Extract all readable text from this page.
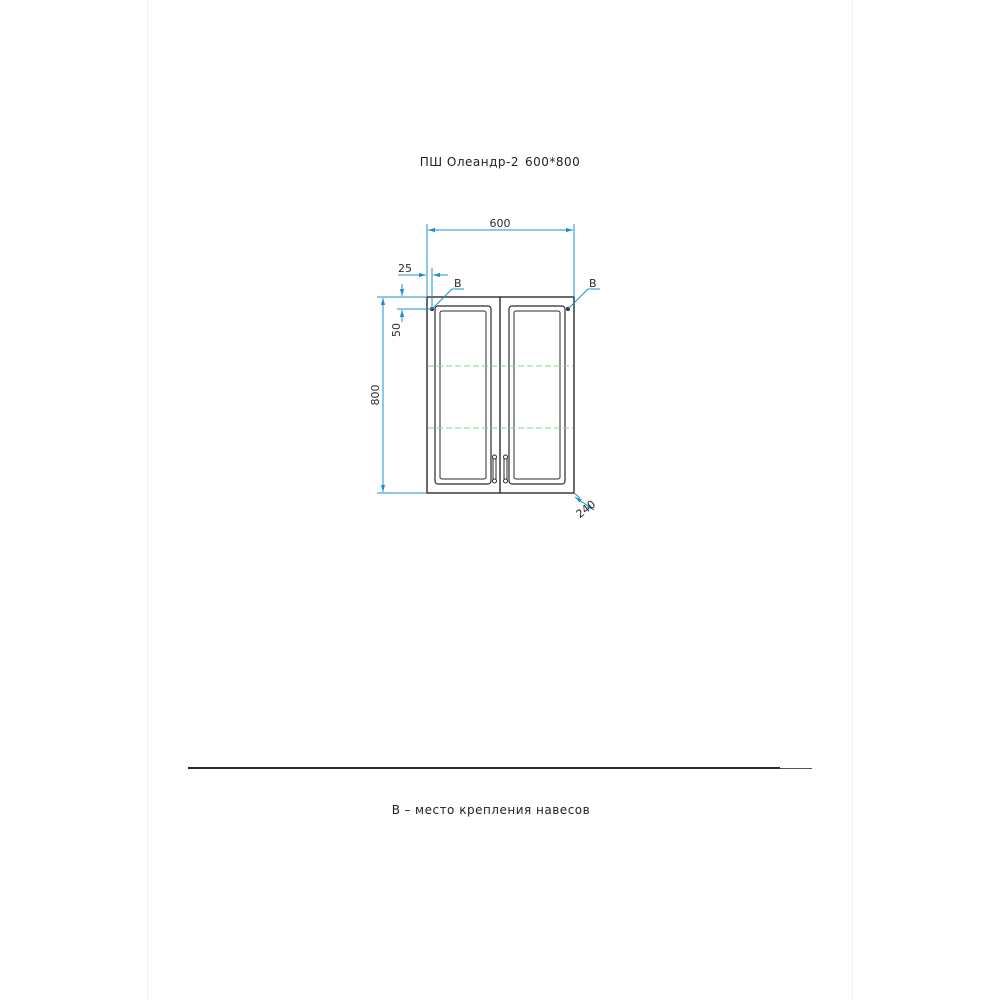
ПШ Олеандр-2 600*800
600
800
25
50
В	В
240
В – место крепления навесов
